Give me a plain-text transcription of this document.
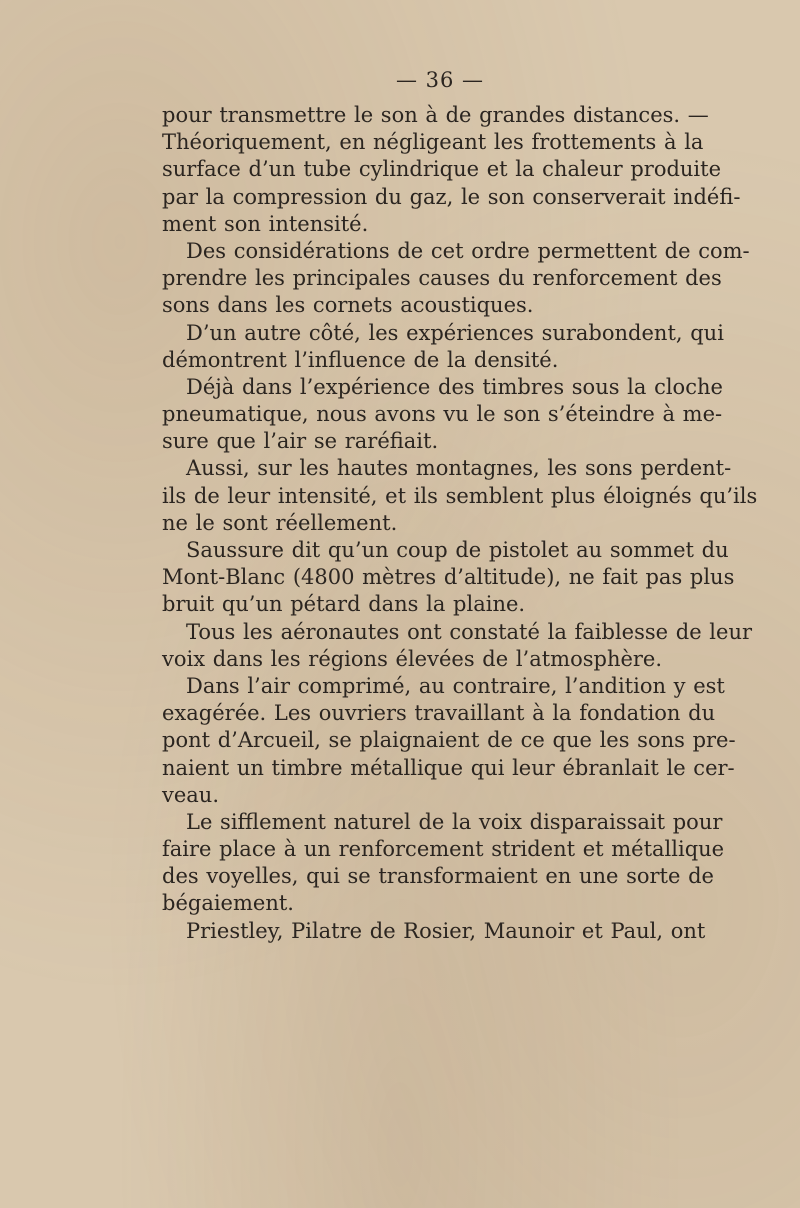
— 36 —
pour transmettre le son à de grandes distances. —
Théoriquement, en négligeant les frottements à la
surface d’un tube cylindrique et la chaleur produite
par la compression du gaz, le son conserverait indéfi-
ment son intensité.
Des considérations de cet ordre permettent de com-
prendre les principales causes du renforcement des
sons dans les cornets acoustiques.
D’un autre côté, les expériences surabondent, qui
démontrent l’influence de la densité.
Déjà dans l’expérience des timbres sous la cloche
pneumatique, nous avons vu le son s’éteindre à me-
sure que l’air se raréfiait.
Aussi, sur les hautes montagnes, les sons perdent-
ils de leur intensité, et ils semblent plus éloignés qu’ils
ne le sont réellement.
Saussure dit qu’un coup de pistolet au sommet du
Mont-Blanc (4800 mètres d’altitude), ne fait pas plus
bruit qu’un pétard dans la plaine.
Tous les aéronautes ont constaté la faiblesse de leur
voix dans les régions élevées de l’atmosphère.
Dans l’air comprimé, au contraire, l’andition y est
exagérée. Les ouvriers travaillant à la fondation du
pont d’Arcueil, se plaignaient de ce que les sons pre-
naient un timbre métallique qui leur ébranlait le cer-
veau.
Le sifflement naturel de la voix disparaissait pour
faire place à un renforcement strident et métallique
des voyelles, qui se transformaient en une sorte de
bégaiement.
Priestley, Pilatre de Rosier, Maunoir et Paul, ont
